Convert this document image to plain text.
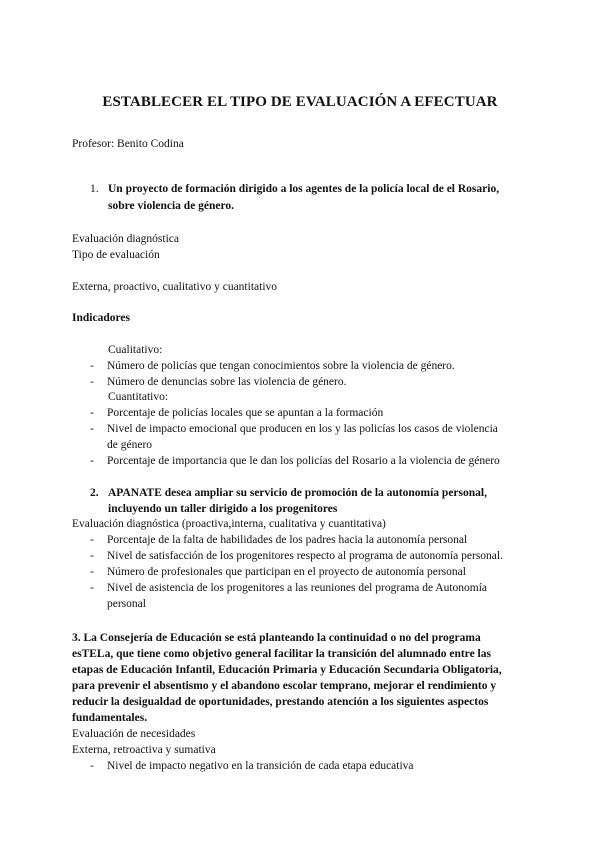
ESTABLECER EL TIPO DE EVALUACIÓN A EFECTUAR
Profesor: Benito Codina
1. Un proyecto de formación dirigido a los agentes de la policía local de el Rosario,
sobre violencia de género.
Evaluación diagnóstica
Tipo de evaluación
Externa, proactivo, cualitativo y cuantitativo
Indicadores
Cualitativo:
- Número de policías que tengan conocimientos sobre la violencia de género.
- Número de denuncias sobre las violencia de género.
Cuantitativo:
- Porcentaje de policías locales que se apuntan a la formación
- Nivel de impacto emocional que producen en los y las policías los casos de violencia
de género
- Porcentaje de importancia que le dan los policías del Rosario a la violencia de género
2. APANATE desea ampliar su servicio de promoción de la autonomía personal,
incluyendo un taller dirigido a los progenitores
Evaluación diagnóstica (proactiva,interna, cualitativa y cuantitativa)
- Porcentaje de la falta de habilidades de los padres hacia la autonomía personal
- Nivel de satisfacción de los progenitores respecto al programa de autonomía personal.
- Número de profesionales que participan en el proyecto de autonomía personal
- Nivel de asistencia de los progenitores a las reuniones del programa de Autonomía
personal
3. La Consejería de Educación se está planteando la continuidad o no del programa
esTELa, que tiene como objetivo general facilitar la transición del alumnado entre las
etapas de Educación Infantil, Educación Primaria y Educación Secundaria Obligatoria,
para prevenir el absentismo y el abandono escolar temprano, mejorar el rendimiento y
reducir la desigualdad de oportunidades, prestando atención a los siguientes aspectos
fundamentales.
Evaluación de necesidades
Externa, retroactiva y sumativa
- Nivel de impacto negativo en la transición de cada etapa educativa
